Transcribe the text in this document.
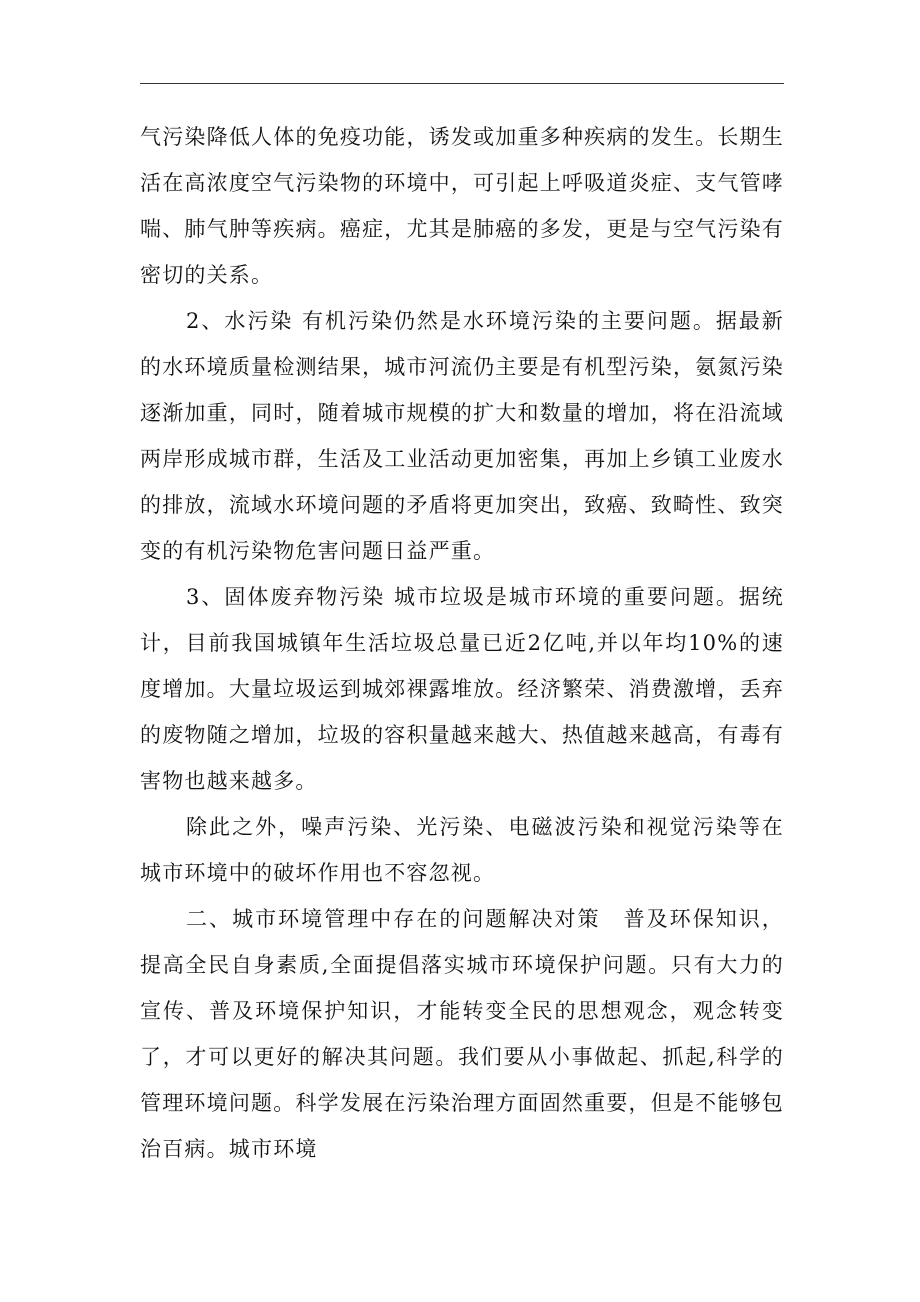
气污染降低人体的免疫功能，诱发或加重多种疾病的发生。长期生活在高浓度空气污染物的环境中，可引起上呼吸道炎症、支气管哮喘、肺气肿等疾病。癌症，尤其是肺癌的多发，更是与空气污染有密切的关系。

2、水污染 有机污染仍然是水环境污染的主要问题。据最新的水环境质量检测结果，城市河流仍主要是有机型污染，氨氮污染逐渐加重，同时，随着城市规模的扩大和数量的增加，将在沿流域两岸形成城市群，生活及工业活动更加密集，再加上乡镇工业废水的排放，流域水环境问题的矛盾将更加突出，致癌、致畸性、致突变的有机污染物危害问题日益严重。

3、固体废弃物污染 城市垃圾是城市环境的重要问题。据统计，目前我国城镇年生活垃圾总量已近2亿吨,并以年均10%的速度增加。大量垃圾运到城郊裸露堆放。经济繁荣、消费激增，丢弃的废物随之增加，垃圾的容积量越来越大、热值越来越高，有毒有害物也越来越多。

除此之外，噪声污染、光污染、电磁波污染和视觉污染等在城市环境中的破坏作用也不容忽视。

二、城市环境管理中存在的问题解决对策　普及环保知识，提高全民自身素质,全面提倡落实城市环境保护问题。只有大力的宣传、普及环境保护知识，才能转变全民的思想观念，观念转变了，才可以更好的解决其问题。我们要从小事做起、抓起,科学的管理环境问题。科学发展在污染治理方面固然重要，但是不能够包治百病。城市环境
